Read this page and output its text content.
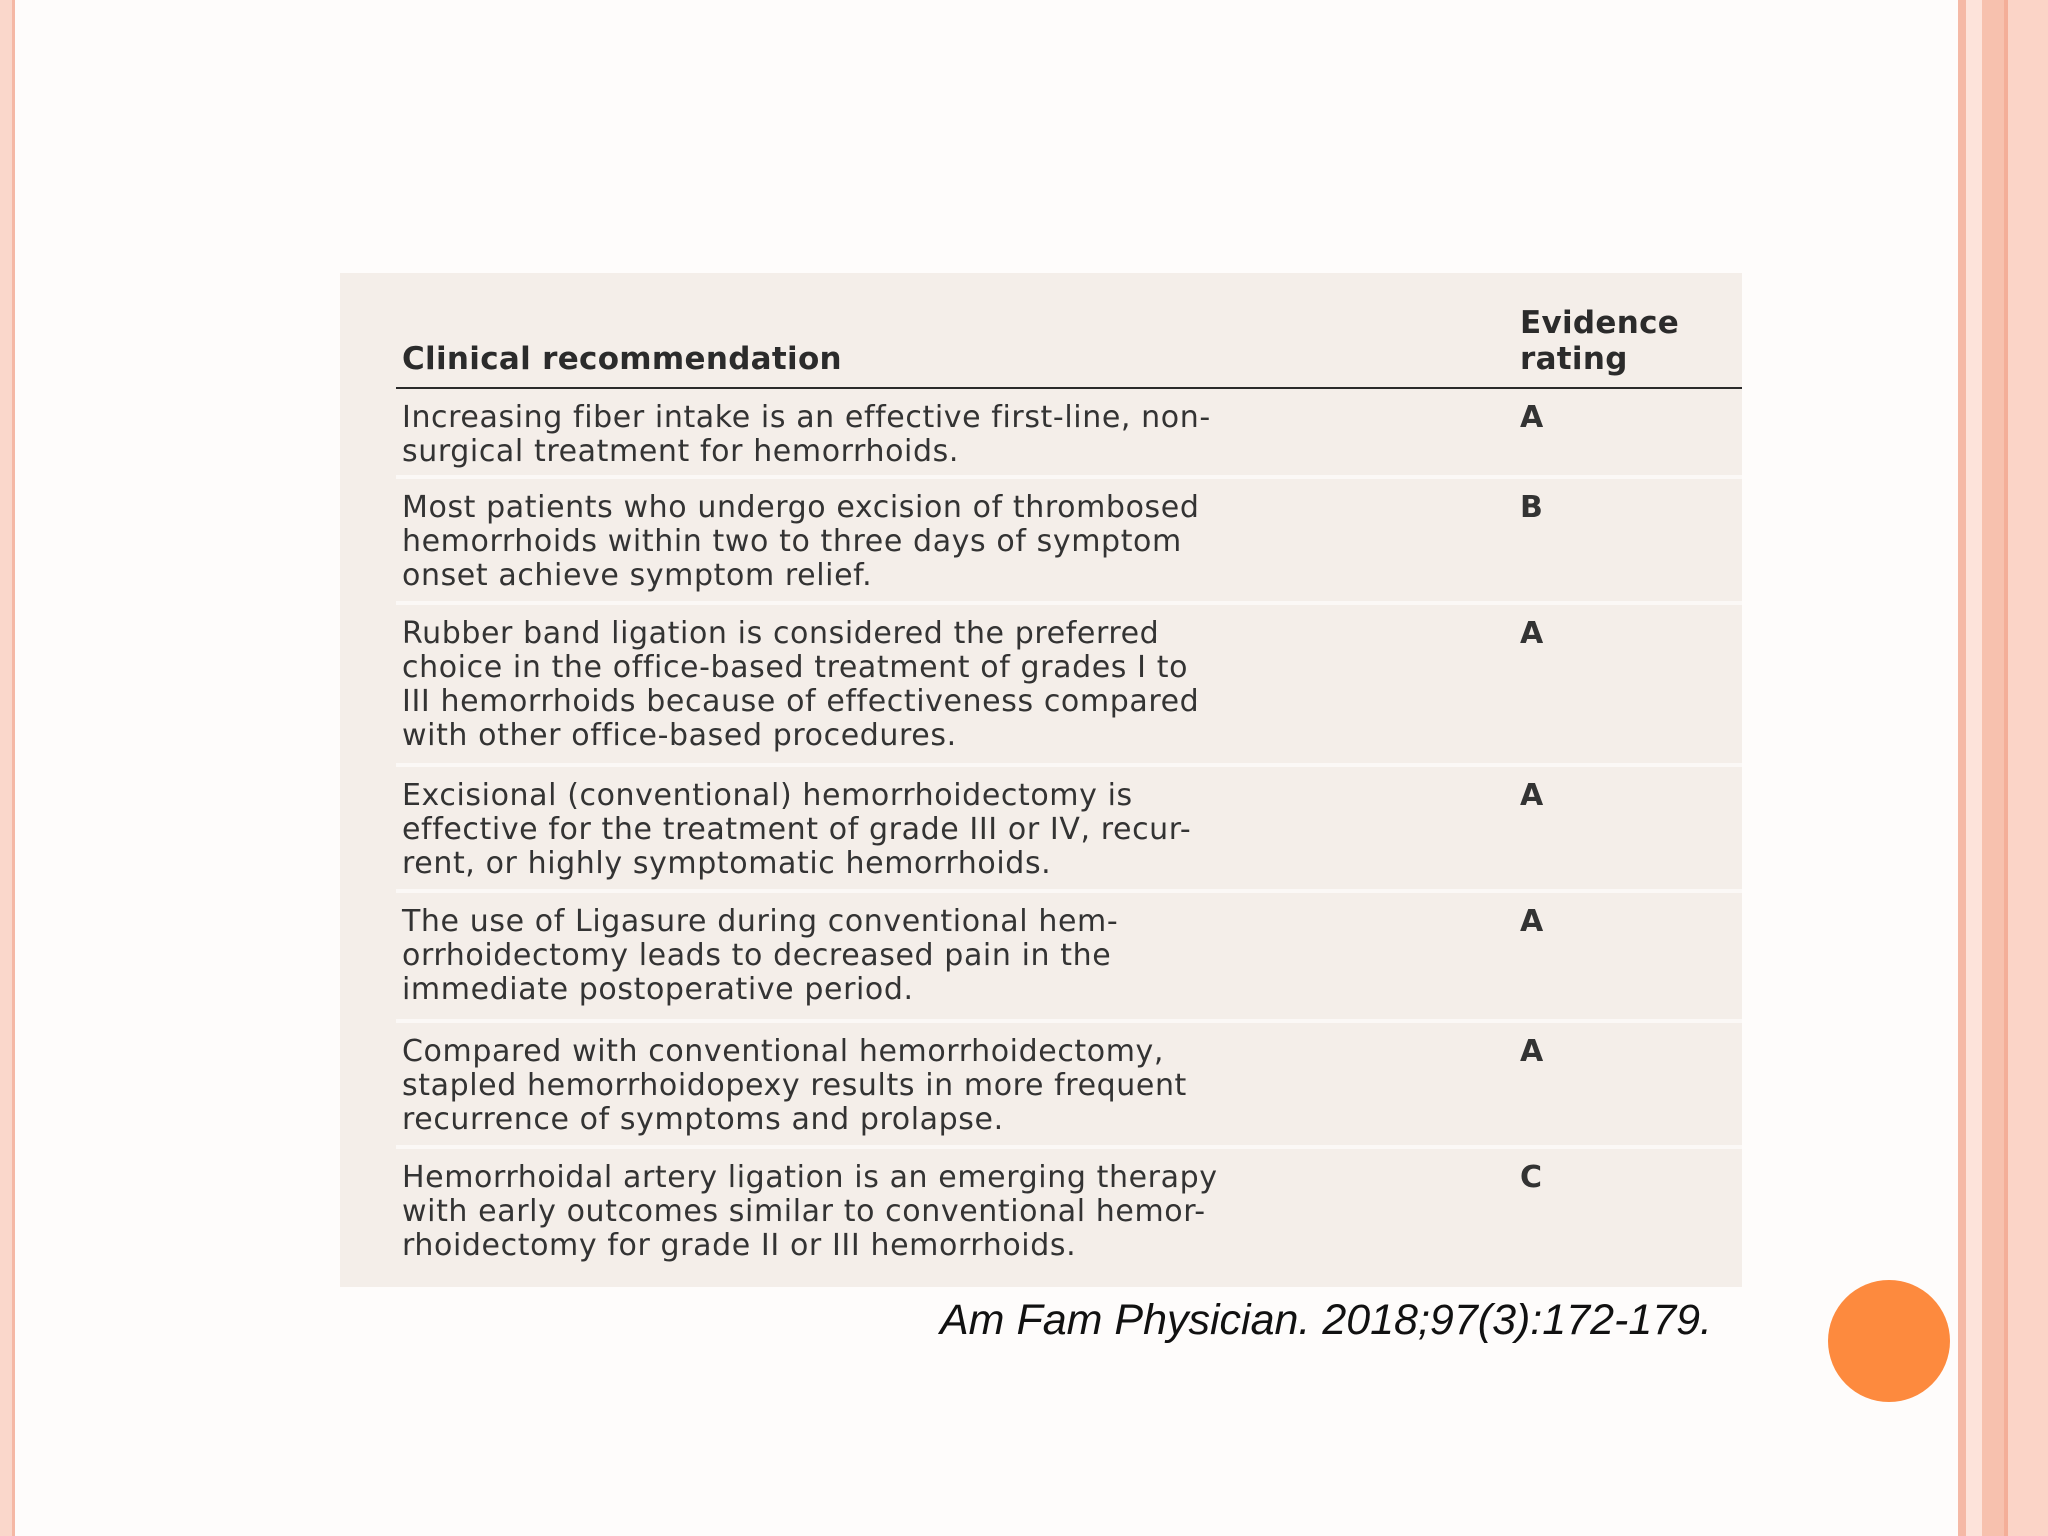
Clinical recommendation
Evidence
rating
Increasing fiber intake is an effective first-line, non-
surgical treatment for hemorrhoids.
A
Most patients who undergo excision of thrombosed
hemorrhoids within two to three days of symptom
onset achieve symptom relief.
B
Rubber band ligation is considered the preferred
choice in the office-based treatment of grades I to
III hemorrhoids because of effectiveness compared
with other office-based procedures.
A
Excisional (conventional) hemorrhoidectomy is
effective for the treatment of grade III or IV, recur-
rent, or highly symptomatic hemorrhoids.
A
The use of Ligasure during conventional hem-
orrhoidectomy leads to decreased pain in the
immediate postoperative period.
A
Compared with conventional hemorrhoidectomy,
stapled hemorrhoidopexy results in more frequent
recurrence of symptoms and prolapse.
A
Hemorrhoidal artery ligation is an emerging therapy
with early outcomes similar to conventional hemor-
rhoidectomy for grade II or III hemorrhoids.
C
Am Fam Physician. 2018;97(3):172-179.
